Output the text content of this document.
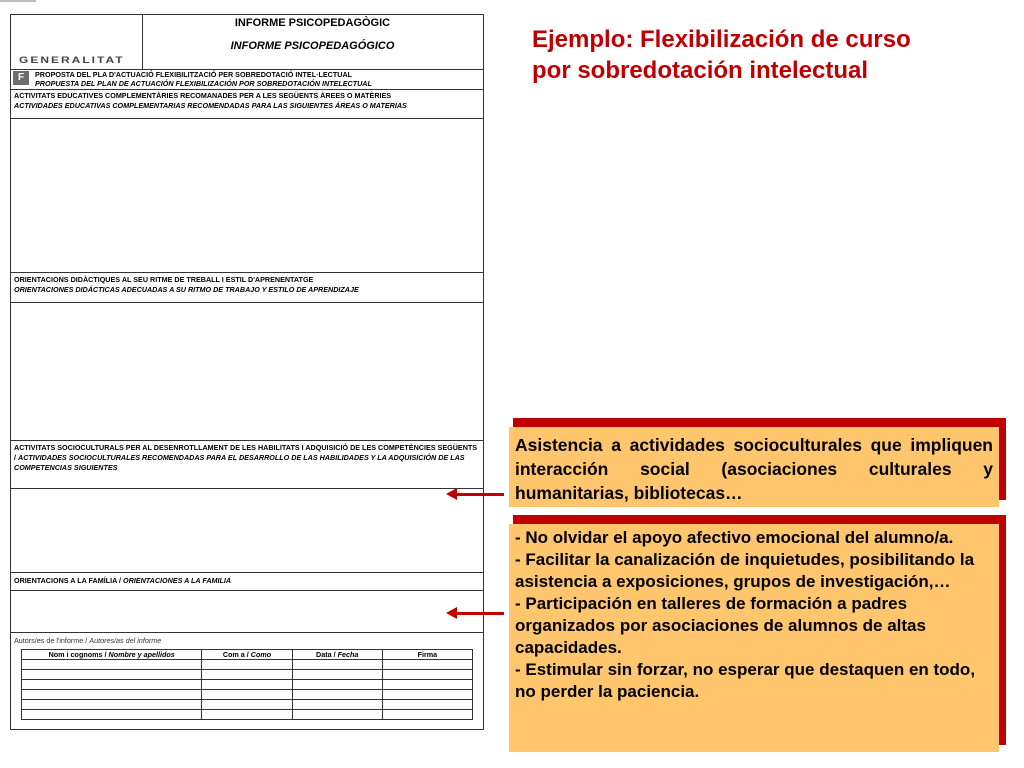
GENERALITAT
INFORME PSICOPEDAGÒGIC
INFORME PSICOPEDAGÓGICO
F	PROPOSTA DEL PLA D'ACTUACIÓ FLEXIBILITZACIÓ PER SOBREDOTACIÓ INTEL·LECTUAL
PROPUESTA DEL PLAN DE ACTUACIÓN FLEXIBILIZACIÓN POR SOBREDOTACIÓN INTELECTUAL
ACTIVITATS EDUCATIVES COMPLEMENTÀRIES RECOMANADES PER A LES SEGÜENTS ÀREES O MATÈRIES
ACTIVIDADES EDUCATIVAS COMPLEMENTARIAS RECOMENDADAS PARA LAS SIGUIENTES ÁREAS O MATERIAS
ORIENTACIONS DIDÀCTIQUES AL SEU RITME DE TREBALL I ESTIL D'APRENENTATGE
ORIENTACIONES DIDÁCTICAS ADECUADAS A SU RITMO DE TRABAJO Y ESTILO DE APRENDIZAJE
ACTIVITATS SOCIOCULTURALS PER AL DESENROTLLAMENT DE LES HABILITATS I ADQUISICIÓ DE LES COMPETÈNCIES SEGÜENTS / ACTIVIDADES SOCIOCULTURALES RECOMENDADAS PARA EL DESARROLLO DE LAS HABILIDADES Y LA ADQUISICIÓN DE LAS COMPETENCIAS SIGUIENTES
ORIENTACIONS A LA FAMÍLIA / ORIENTACIONES A LA FAMILIA
Autors/es de l'informe / Autores/as del informe
Nom i cognoms / Nombre y apellidos	Com a / Como	Data / Fecha	Firma

Ejemplo: Flexibilización de curso
por sobredotación intelectual
Asistencia a actividades socioculturales que impliquen interacción social (asociaciones culturales y humanitarias, bibliotecas…

- No olvidar el apoyo afectivo emocional del alumno/a.

- Facilitar la canalización de inquietudes, posibilitando la asistencia a exposiciones, grupos de investigación,…

- Participación en talleres de formación a padres organizados por asociaciones de alumnos de altas capacidades.

- Estimular sin forzar, no esperar que destaquen en todo, no perder la paciencia.
